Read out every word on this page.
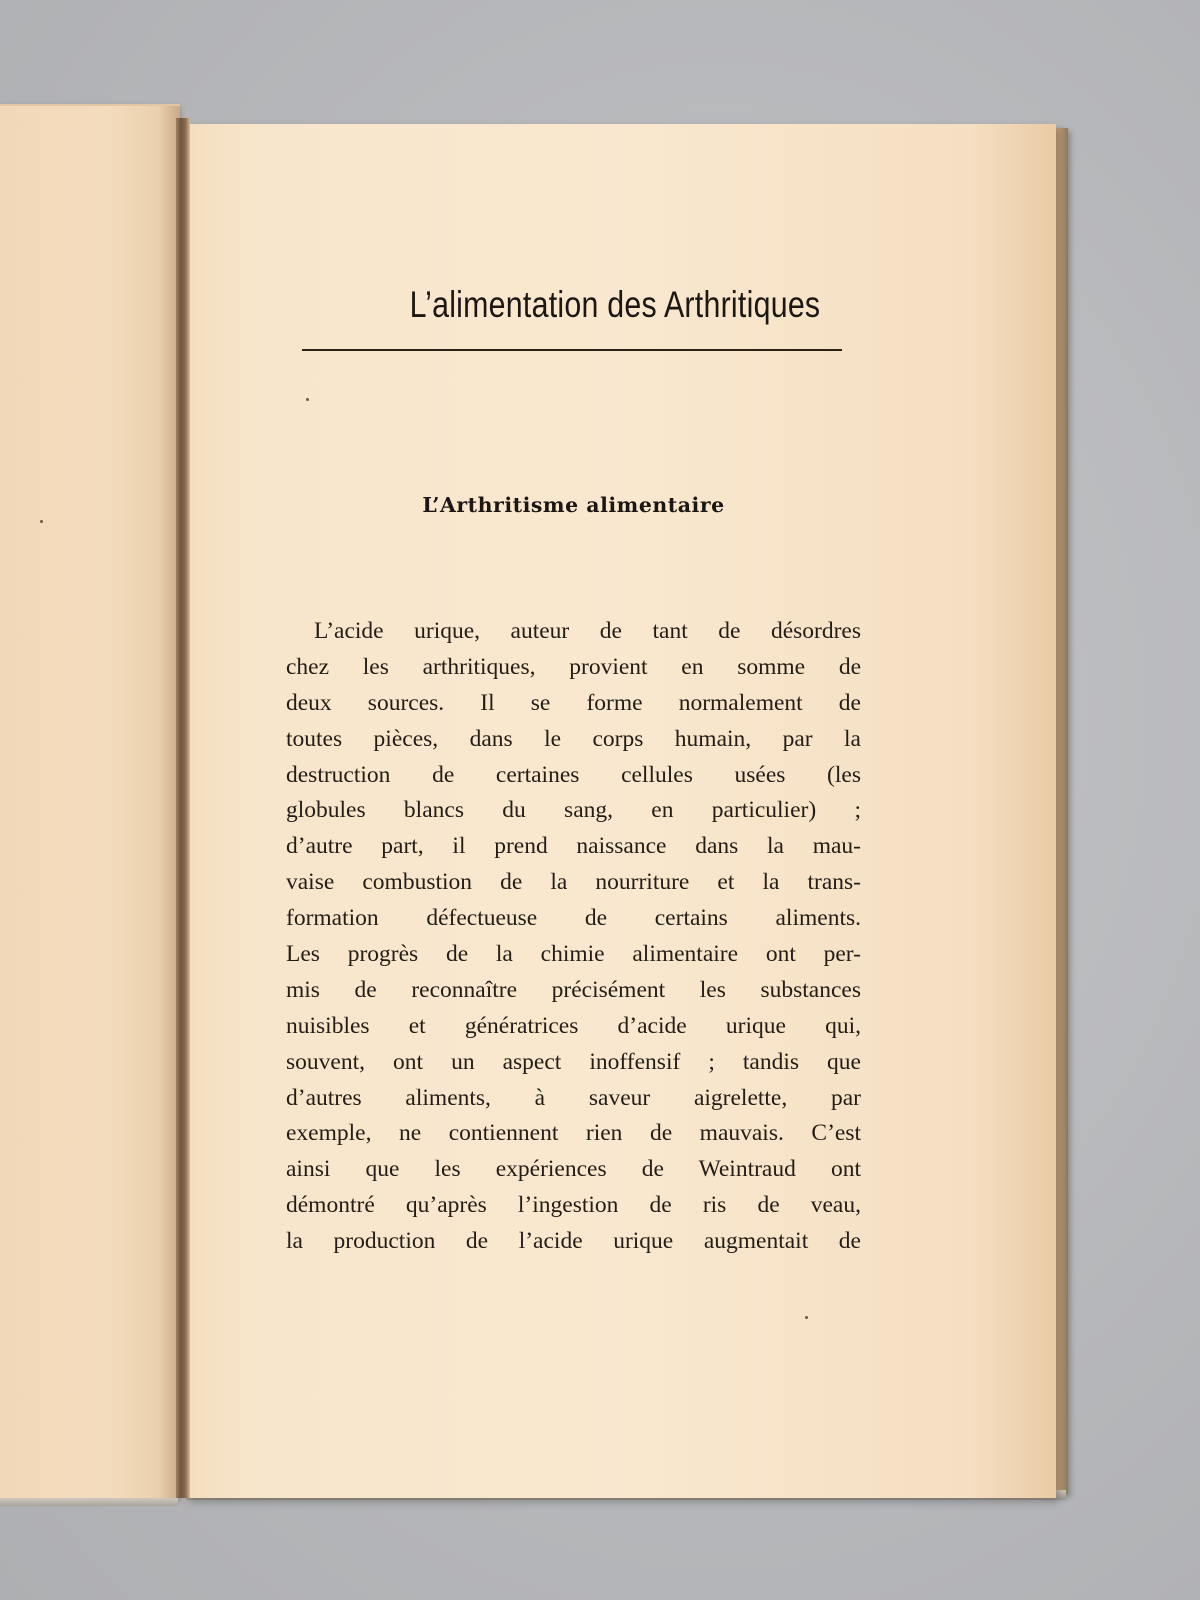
L’alimentation des Arthritiques
L’Arthritisme alimentaire
L’acide urique, auteur de tant de désordres
chez les arthritiques, provient en somme de
deux sources. Il se forme normalement de
toutes pièces, dans le corps humain, par la
destruction de certaines cellules usées (les
globules blancs du sang, en particulier) ;
d’autre part, il prend naissance dans la mau-
vaise combustion de la nourriture et la trans-
formation défectueuse de certains aliments.
Les progrès de la chimie alimentaire ont per-
mis de reconnaître précisément les substances
nuisibles et génératrices d’acide urique qui,
souvent, ont un aspect inoffensif ; tandis que
d’autres aliments, à saveur aigrelette, par
exemple, ne contiennent rien de mauvais. C’est
ainsi que les expériences de Weintraud ont
démontré qu’après l’ingestion de ris de veau,
la production de l’acide urique augmentait de
